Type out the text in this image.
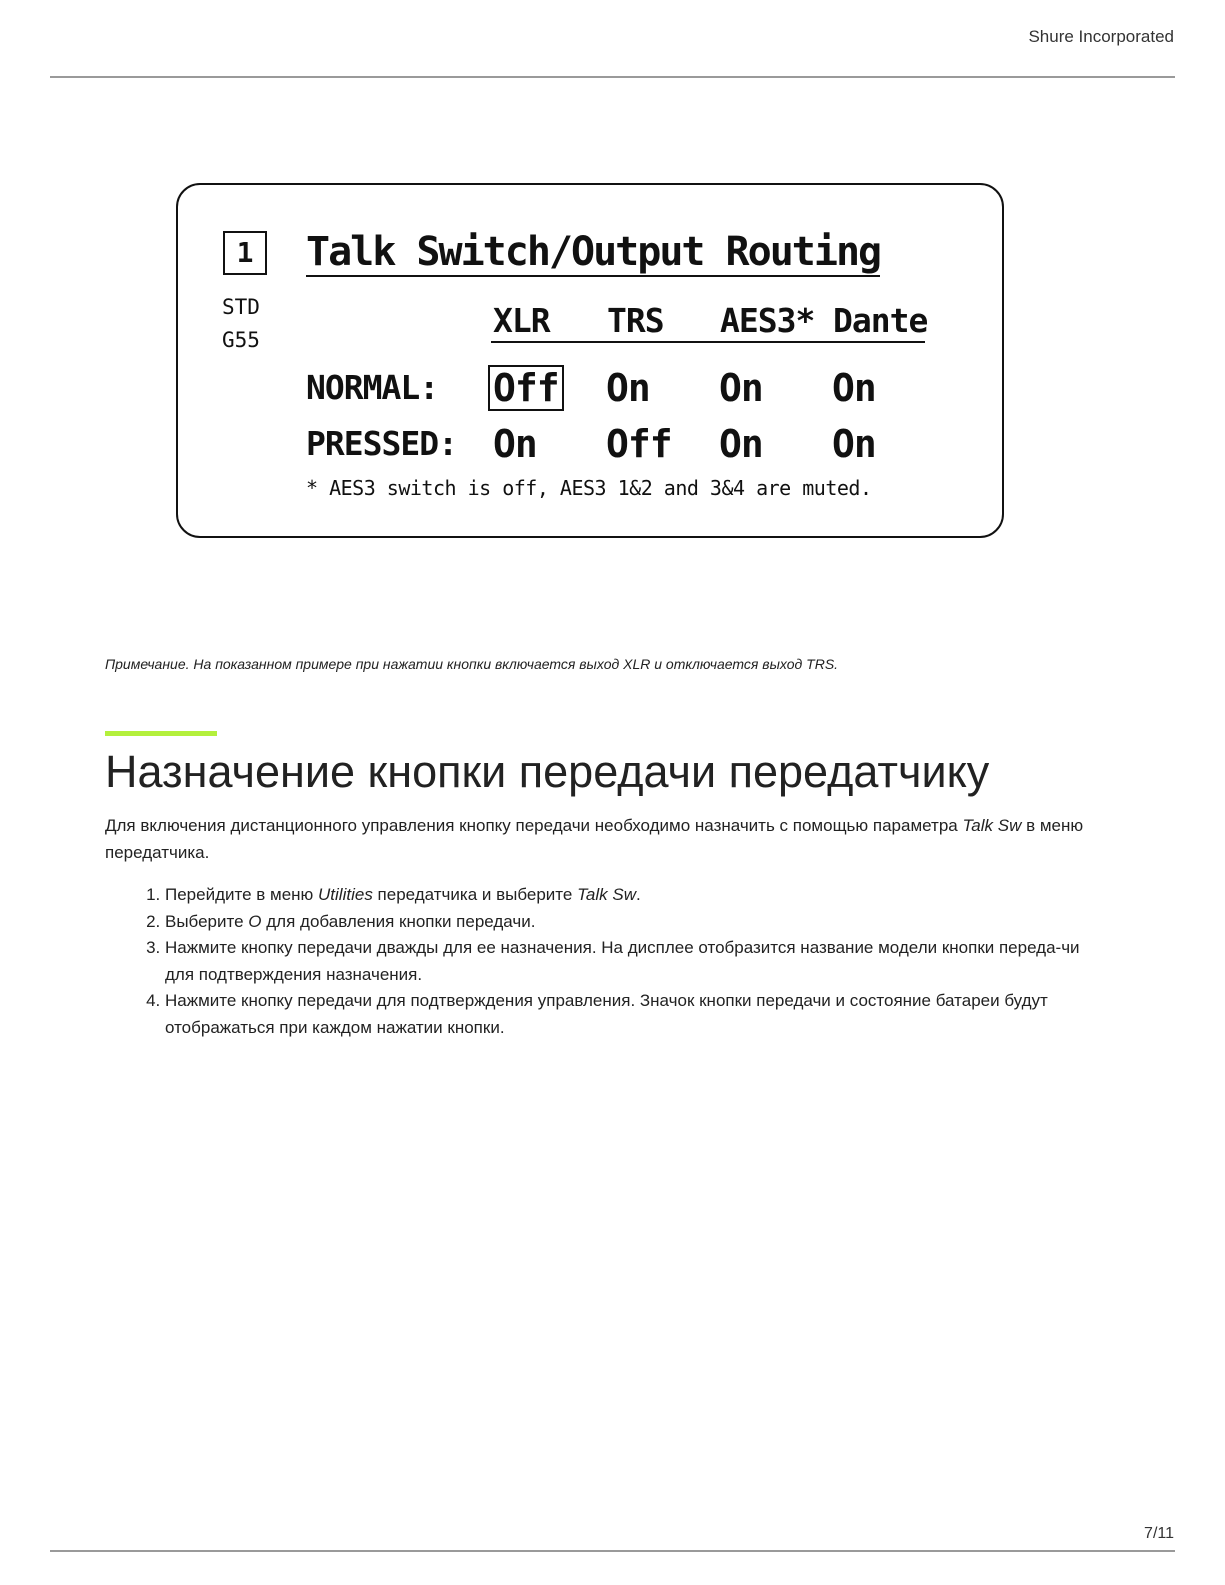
Shure Incorporated
1
STD
G55
Talk Switch/Output Routing
XLR TRS AES3* Dante
NORMAL: Off On On On
PRESSED: On Off On On
* AES3 switch is off, AES3 1&2 and 3&4 are muted.
Примечание. На показанном примере при нажатии кнопки включается выход XLR и отключается выход TRS.
Назначение кнопки передачи передатчику

Для включения дистанционного управления кнопку передачи необходимо назначить с помощью параметра Talk Sw в меню передатчика.

1. Перейдите в меню Utilities передатчика и выберите Talk Sw.
2. Выберите O для добавления кнопки передачи.
3. Нажмите кнопку передачи дважды для ее назначения. На дисплее отобразится название модели кнопки переда-чи для подтверждения назначения.
4. Нажмите кнопку передачи для подтверждения управления. Значок кнопки передачи и состояние батареи будут отображаться при каждом нажатии кнопки.
7/11
